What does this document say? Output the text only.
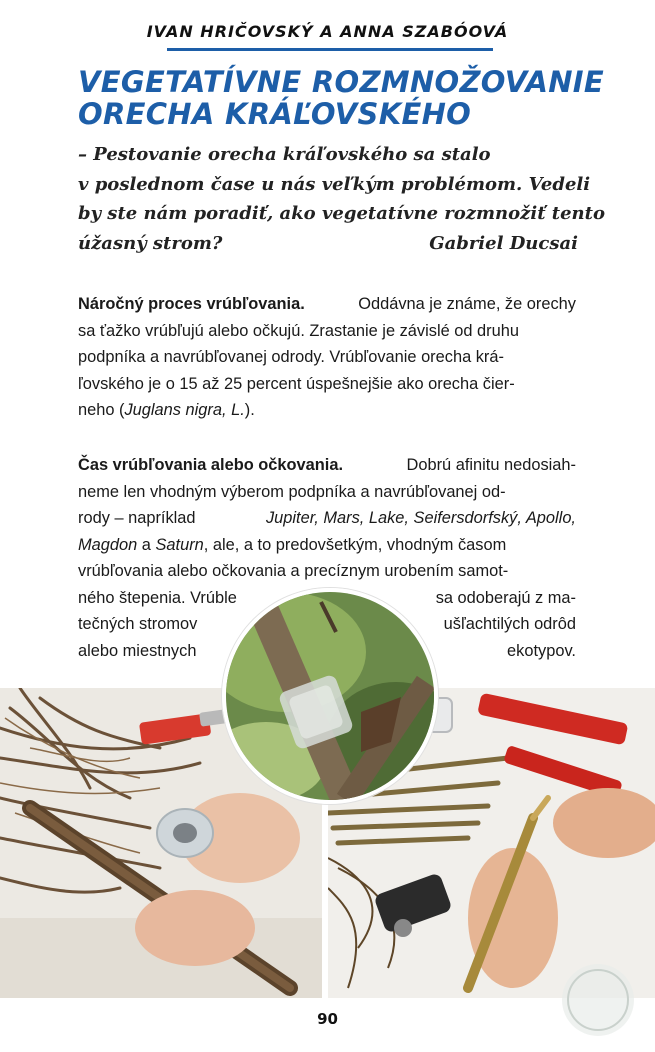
IVAN HRIČOVSKÝ A ANNA SZABÓOVÁ
VEGETATÍVNE ROZMNOŽOVANIE
ORECHA KRÁĽOVSKÉHO
– Pestovanie orecha kráľovského sa stalo
v poslednom čase u nás veľkým problémom. Vedeli
by ste nám poradiť, ako vegetatívne rozmnožiť tento
úžasný strom?	Gabriel Ducsai
Náročný proces vrúbľovania.	Oddávna je známe, že orechy
sa ťažko vrúbľujú alebo očkujú. Zrastanie je závislé od druhu
podpníka a navrúbľovanej odrody. Vrúbľovanie orecha krá-
ľovského je o 15 až 25 percent úspešnejšie ako orecha čier-
neho ( Juglans nigra, L. ).
Čas vrúbľovania alebo očkovania.	Dobrú afinitu nedosiah-
neme len vhodným výberom podpníka a navrúbľovanej od-
rody – napríklad	Jupiter, Mars, Lake, Seifersdorfský, Apollo,
Magdon a Saturn, ale, a to predovšetkým, vhodným časom
vrúbľovania alebo očkovania a precíznym urobením samot-
ného štepenia. Vrúble	sa odoberajú z ma-
tečných stromov	ušľachtilých odrôd
alebo miestnych	ekotypov.
90
